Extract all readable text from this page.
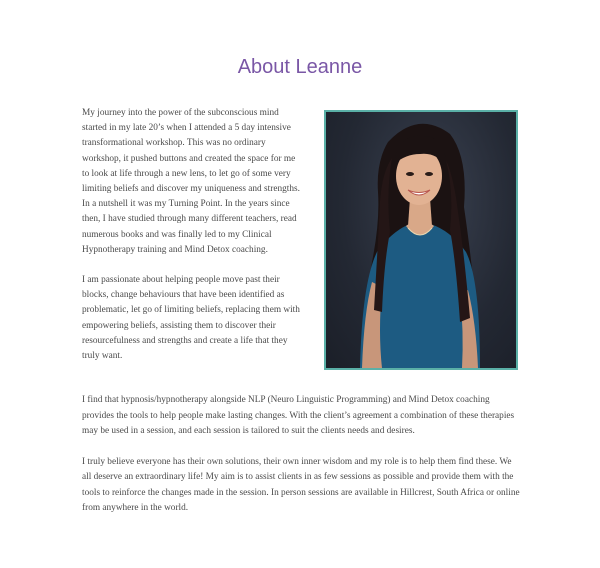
About Leanne

My journey into the power of the subconscious mind started in my late 20’s when I attended a 5 day intensive transformational workshop. This was no ordinary workshop, it pushed buttons and created the space for me to look at life through a new lens, to let go of some very limiting beliefs and discover my uniqueness and strengths. In a nutshell it was my Turning Point. In the years since then, I have studied through many different teachers, read numerous books and was finally led to my Clinical Hypnotherapy training and Mind Detox coaching.

I am passionate about helping people move past their blocks, change behaviours that have been identified as problematic, let go of limiting beliefs, replacing them with empowering beliefs, assisting them to discover their resourcefulness and strengths and create a life that they truly want.

I find that hypnosis/hypnotherapy alongside NLP (Neuro Linguistic Programming) and Mind Detox coaching provides the tools to help people make lasting changes. With the client’s agreement a combination of these therapies may be used in a session, and each session is tailored to suit the clients needs and desires.

I truly believe everyone has their own solutions, their own inner wisdom and my role is to help them find these. We all deserve an extraordinary life! My aim is to assist clients in as few sessions as possible and provide them with the tools to reinforce the changes made in the session. In person sessions are available in Hillcrest, South Africa or online from anywhere in the world.
